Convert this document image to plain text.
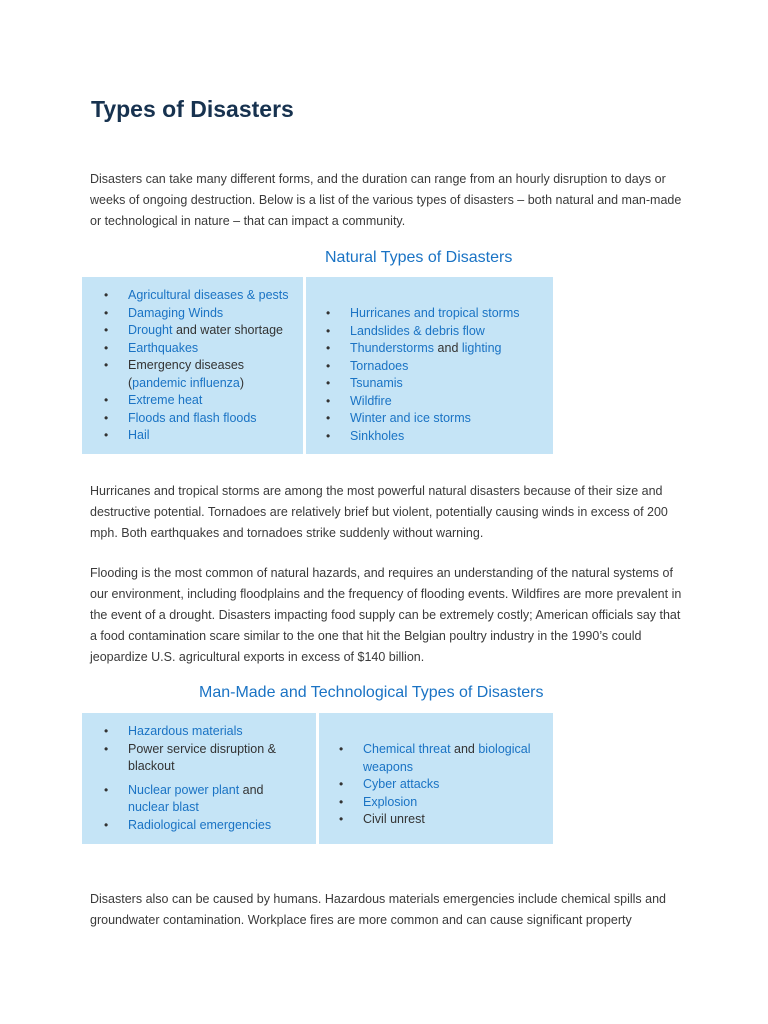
Types of Disasters

Disasters can take many different forms, and the duration can range from an hourly disruption to days or weeks of ongoing destruction. Below is a list of the various types of disasters – both natural and man-made or technological in nature – that can impact a community.

Natural Types of Disasters
• Agricultural diseases & pests
• Damaging Winds
• Drought and water shortage
• Earthquakes
• Emergency diseases (pandemic influenza)
• Extreme heat
• Floods and flash floods
• Hail
• Hurricanes and tropical storms
• Landslides & debris flow
• Thunderstorms and lighting
• Tornadoes
• Tsunamis
• Wildfire
• Winter and ice storms
• Sinkholes

Hurricanes and tropical storms are among the most powerful natural disasters because of their size and destructive potential. Tornadoes are relatively brief but violent, potentially causing winds in excess of 200 mph. Both earthquakes and tornadoes strike suddenly without warning.

Flooding is the most common of natural hazards, and requires an understanding of the natural systems of our environment, including floodplains and the frequency of flooding events. Wildfires are more prevalent in the event of a drought. Disasters impacting food supply can be extremely costly; American officials say that a food contamination scare similar to the one that hit the Belgian poultry industry in the 1990’s could jeopardize U.S. agricultural exports in excess of $140 billion.

Man-Made and Technological Types of Disasters
• Hazardous materials
• Power service disruption & blackout
• Nuclear power plant and nuclear blast
• Radiological emergencies
• Chemical threat and biological weapons
• Cyber attacks
• Explosion
• Civil unrest

Disasters also can be caused by humans. Hazardous materials emergencies include chemical spills and groundwater contamination. Workplace fires are more common and can cause significant property
